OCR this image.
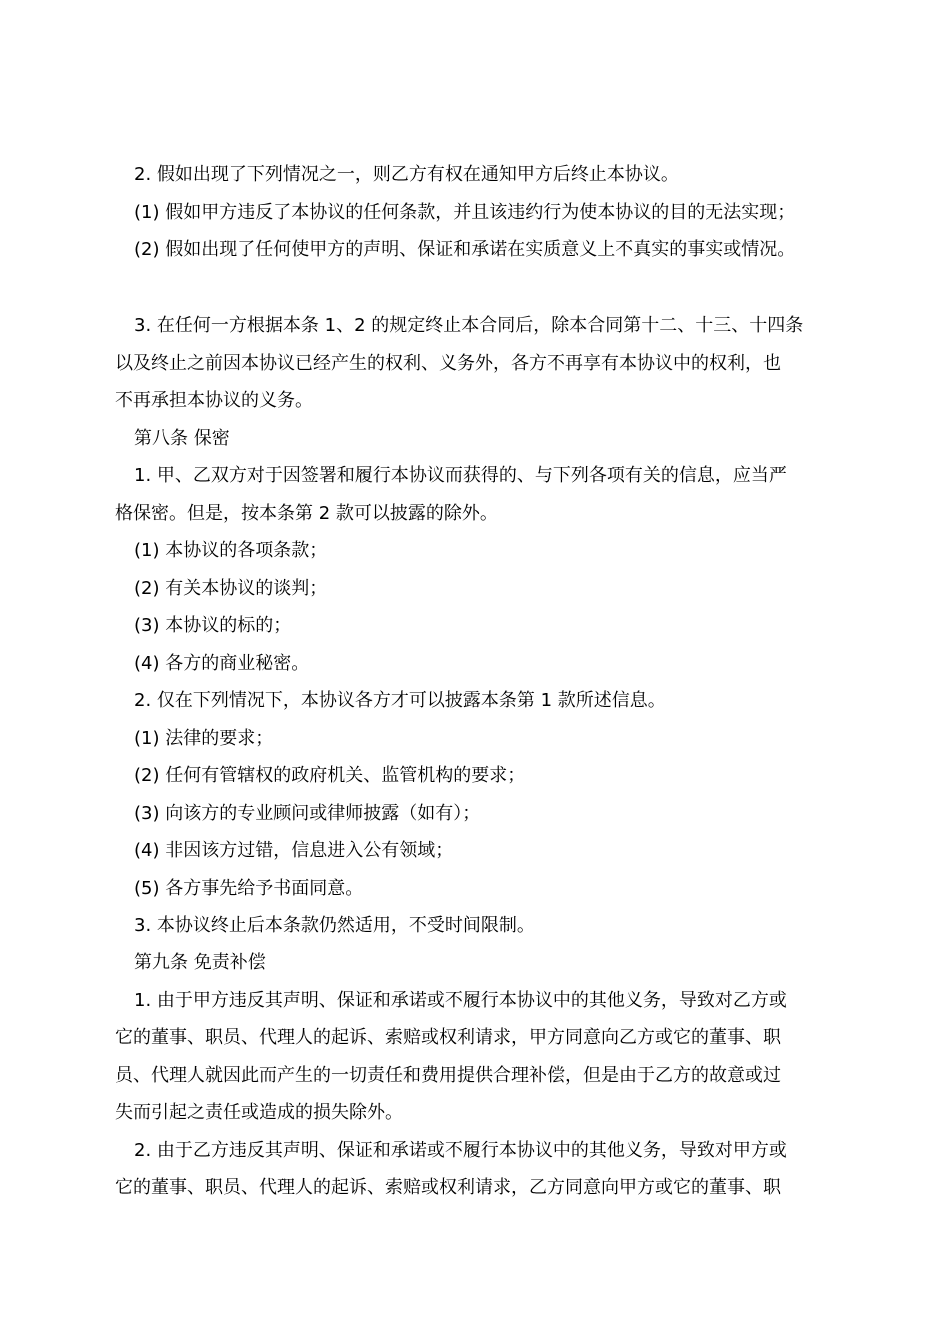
2. 假如出现了下列情况之一，则乙方有权在通知甲方后终止本协议。
(1) 假如甲方违反了本协议的任何条款，并且该违约行为使本协议的目的无法实现；
(2) 假如出现了任何使甲方的声明、保证和承诺在实质意义上不真实的事实或情况。
3. 在任何一方根据本条 1、2 的规定终止本合同后，除本合同第十二、十三、十四条
以及终止之前因本协议已经产生的权利、义务外，各方不再享有本协议中的权利，也
不再承担本协议的义务。
第八条 保密
1. 甲、乙双方对于因签署和履行本协议而获得的、与下列各项有关的信息，应当严
格保密。但是，按本条第 2 款可以披露的除外。
(1) 本协议的各项条款；
(2) 有关本协议的谈判；
(3) 本协议的标的；
(4) 各方的商业秘密。
2. 仅在下列情况下，本协议各方才可以披露本条第 1 款所述信息。
(1) 法律的要求；
(2) 任何有管辖权的政府机关、监管机构的要求；
(3) 向该方的专业顾问或律师披露（如有）；
(4) 非因该方过错，信息进入公有领域；
(5) 各方事先给予书面同意。
3. 本协议终止后本条款仍然适用，不受时间限制。
第九条 免责补偿
1. 由于甲方违反其声明、保证和承诺或不履行本协议中的其他义务，导致对乙方或
它的董事、职员、代理人的起诉、索赔或权利请求，甲方同意向乙方或它的董事、职
员、代理人就因此而产生的一切责任和费用提供合理补偿，但是由于乙方的故意或过
失而引起之责任或造成的损失除外。
2. 由于乙方违反其声明、保证和承诺或不履行本协议中的其他义务，导致对甲方或
它的董事、职员、代理人的起诉、索赔或权利请求，乙方同意向甲方或它的董事、职
